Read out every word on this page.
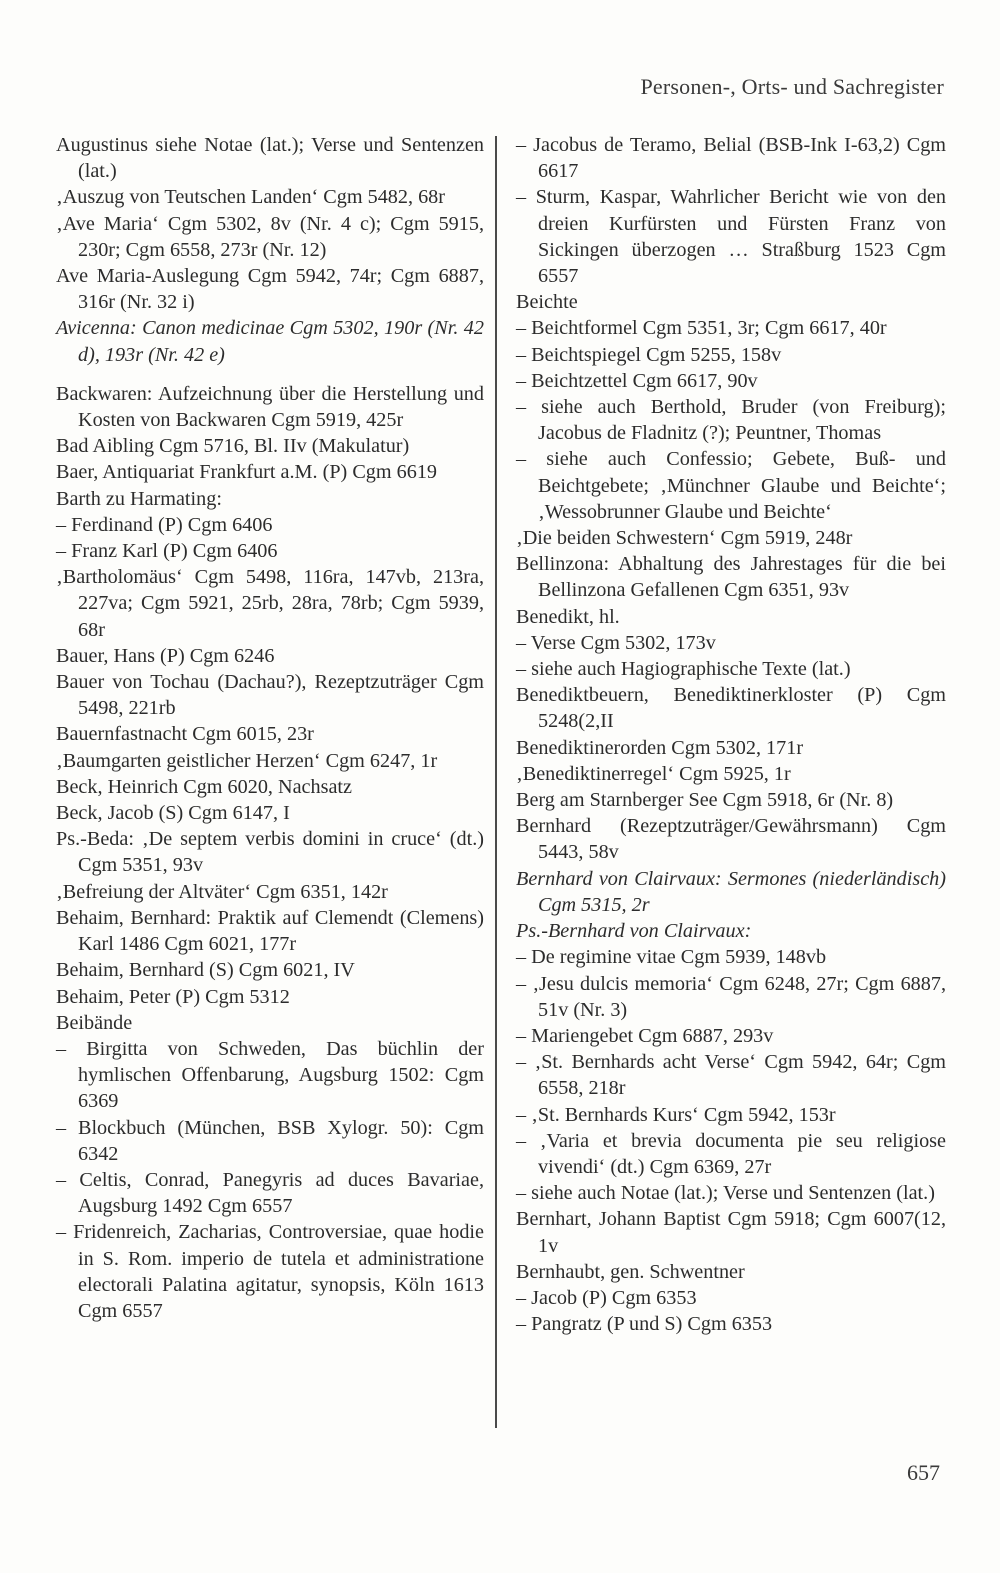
Personen-, Orts- und Sachregister
Augustinus siehe Notae (lat.); Verse und Sentenzen (lat.)
‚Auszug von Teutschen Landen‘ Cgm 5482, 68r
‚Ave Maria‘ Cgm 5302, 8v (Nr. 4 c); Cgm 5915, 230r; Cgm 6558, 273r (Nr. 12)
Ave Maria-Auslegung Cgm 5942, 74r; Cgm 6887, 316r (Nr. 32 i)
Avicenna: Canon medicinae Cgm 5302, 190r (Nr. 42 d), 193r (Nr. 42 e)
Backwaren: Aufzeichnung über die Herstellung und Kosten von Backwaren Cgm 5919, 425r
Bad Aibling Cgm 5716, Bl. IIv (Makulatur)
Baer, Antiquariat Frankfurt a.M. (P) Cgm 6619
Barth zu Harmating:
– Ferdinand (P) Cgm 6406
– Franz Karl (P) Cgm 6406
‚Bartholomäus‘ Cgm 5498, 116ra, 147vb, 213ra, 227va; Cgm 5921, 25rb, 28ra, 78rb; Cgm 5939, 68r
Bauer, Hans (P) Cgm 6246
Bauer von Tochau (Dachau?), Rezeptzuträger Cgm 5498, 221rb
Bauernfastnacht Cgm 6015, 23r
‚Baumgarten geistlicher Herzen‘ Cgm 6247, 1r
Beck, Heinrich Cgm 6020, Nachsatz
Beck, Jacob (S) Cgm 6147, I
Ps.-Beda: ‚De septem verbis domini in cruce‘ (dt.) Cgm 5351, 93v
‚Befreiung der Altväter‘ Cgm 6351, 142r
Behaim, Bernhard: Praktik auf Clemendt (Clemens) Karl 1486 Cgm 6021, 177r
Behaim, Bernhard (S) Cgm 6021, IV
Behaim, Peter (P) Cgm 5312
Beibände
– Birgitta von Schweden, Das büchlin der hymlischen Offenbarung, Augsburg 1502: Cgm 6369
– Blockbuch (München, BSB Xylogr. 50): Cgm 6342
– Celtis, Conrad, Panegyris ad duces Bavariae, Augsburg 1492 Cgm 6557
– Fridenreich, Zacharias, Controversiae, quae hodie in S. Rom. imperio de tutela et administratione electorali Palatina agitatur, synopsis, Köln 1613 Cgm 6557
– Jacobus de Teramo, Belial (BSB-Ink I-63,2) Cgm 6617
– Sturm, Kaspar, Wahrlicher Bericht wie von den dreien Kurfürsten und Fürsten Franz von Sickingen überzogen … Straßburg 1523 Cgm 6557
Beichte
– Beichtformel Cgm 5351, 3r; Cgm 6617, 40r
– Beichtspiegel Cgm 5255, 158v
– Beichtzettel Cgm 6617, 90v
– siehe auch Berthold, Bruder (von Freiburg); Jacobus de Fladnitz (?); Peuntner, Thomas
– siehe auch Confessio; Gebete, Buß- und Beichtgebete; ‚Münchner Glaube und Beichte‘; ‚Wessobrunner Glaube und Beichte‘
‚Die beiden Schwestern‘ Cgm 5919, 248r
Bellinzona: Abhaltung des Jahrestages für die bei Bellinzona Gefallenen Cgm 6351, 93v
Benedikt, hl.
– Verse Cgm 5302, 173v
– siehe auch Hagiographische Texte (lat.)
Benediktbeuern, Benediktinerkloster (P) Cgm 5248(2,II
Benediktinerorden Cgm 5302, 171r
‚Benediktinerregel‘ Cgm 5925, 1r
Berg am Starnberger See Cgm 5918, 6r (Nr. 8)
Bernhard (Rezeptzuträger/Gewährsmann) Cgm 5443, 58v
Bernhard von Clairvaux: Sermones (niederländisch) Cgm 5315, 2r
Ps.-Bernhard von Clairvaux:
– De regimine vitae Cgm 5939, 148vb
– ‚Jesu dulcis memoria‘ Cgm 6248, 27r; Cgm 6887, 51v (Nr. 3)
– Mariengebet Cgm 6887, 293v
– ‚St. Bernhards acht Verse‘ Cgm 5942, 64r; Cgm 6558, 218r
– ‚St. Bernhards Kurs‘ Cgm 5942, 153r
– ‚Varia et brevia documenta pie seu religiose vivendi‘ (dt.) Cgm 6369, 27r
– siehe auch Notae (lat.); Verse und Sentenzen (lat.)
Bernhart, Johann Baptist Cgm 5918; Cgm 6007(12, 1v
Bernhaubt, gen. Schwentner
– Jacob (P) Cgm 6353
– Pangratz (P und S) Cgm 6353
657
